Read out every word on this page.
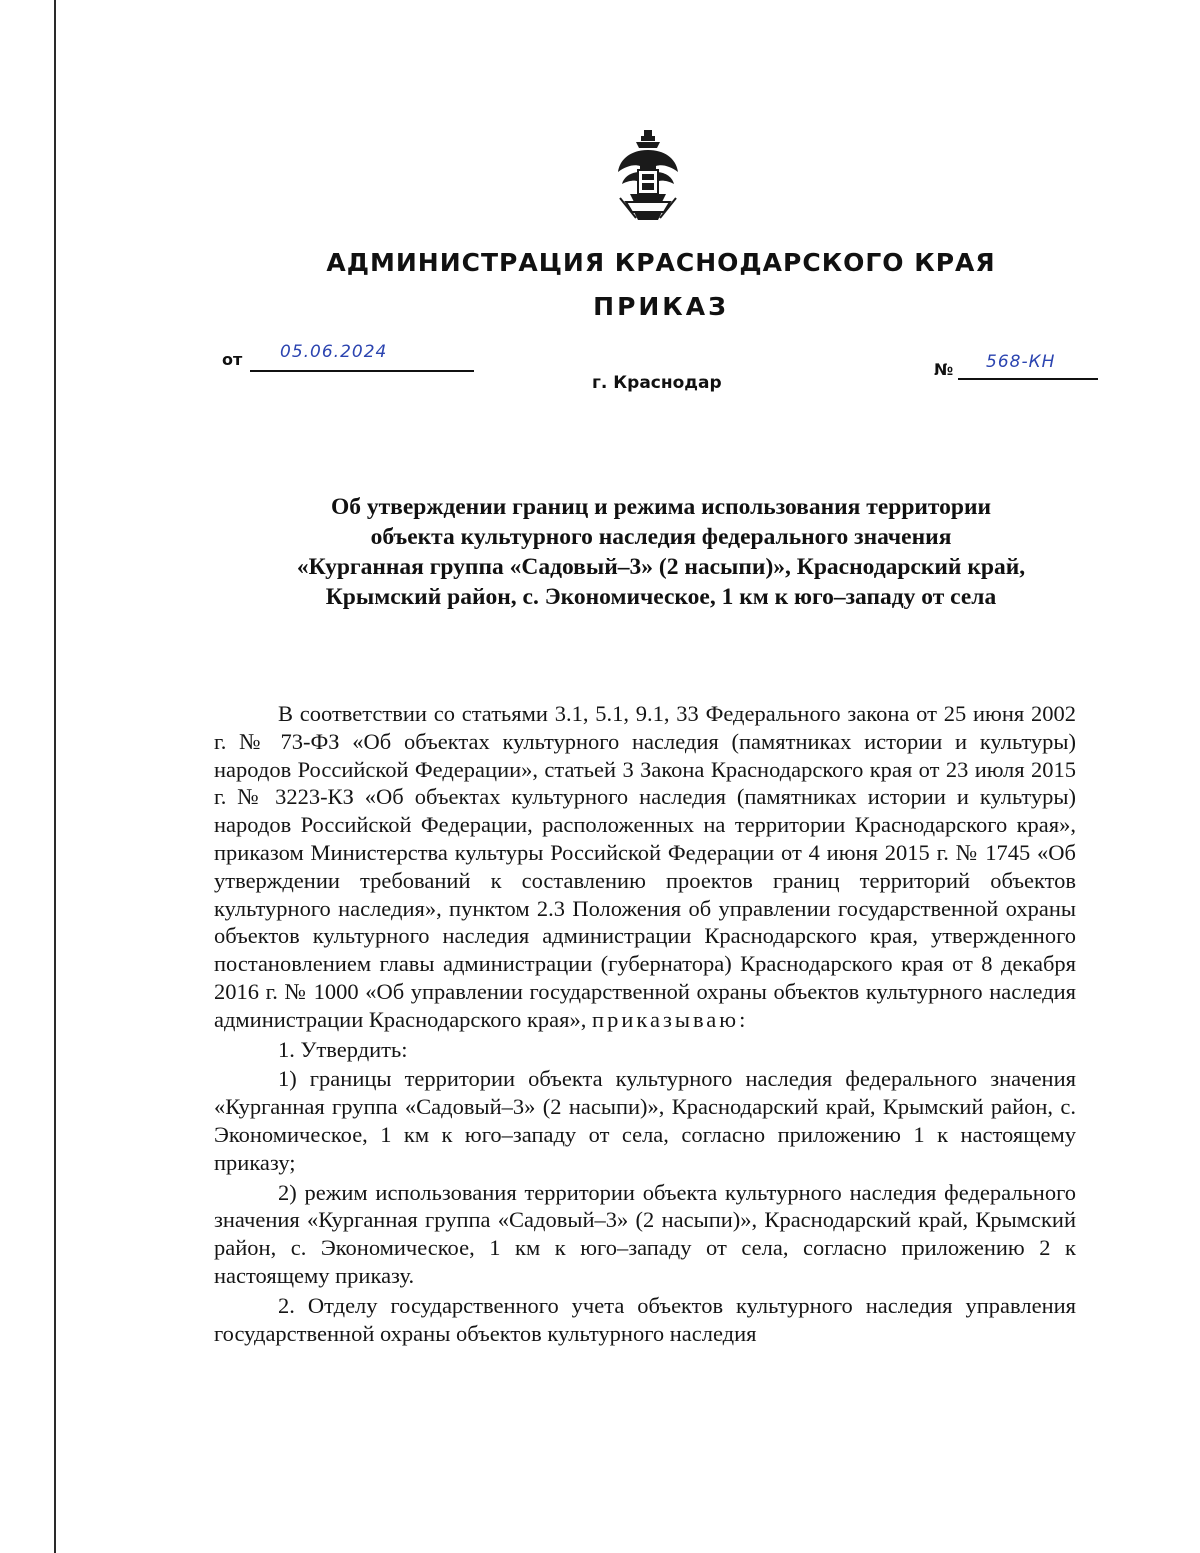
АДМИНИСТРАЦИЯ КРАСНОДАРСКОГО КРАЯ
ПРИКАЗ
от	05.06.2024
№	568-КН
г. Краснодар
Об утверждении границ и режима использования территории
объекта культурного наследия федерального значения
«Курганная группа «Садовый–3» (2 насыпи)», Краснодарский край,
Крымский район, с. Экономическое, 1 км к юго–западу от села

В соответствии со статьями 3.1, 5.1, 9.1, 33 Федерального закона от 25 июня 2002 г. № 73-ФЗ «Об объектах культурного наследия (памятниках истории и культуры) народов Российской Федерации», статьей 3 Закона Краснодарского края от 23 июля 2015 г. № 3223-КЗ «Об объектах культурного наследия (памятниках истории и культуры) народов Российской Федерации, расположенных на территории Краснодарского края», приказом Министерства культуры Российской Федерации от 4 июня 2015 г. № 1745 «Об утверждении требований к составлению проектов границ территорий объектов культурного наследия», пунктом 2.3 Положения об управлении государственной охраны объектов культурного наследия администрации Краснодарского края, утвержденного постановлением главы администрации (губернатора) Краснодарского края от 8 декабря 2016 г. № 1000 «Об управлении государственной охраны объектов культурного наследия администрации Краснодарского края», приказываю:

1. Утвердить:

1) границы территории объекта культурного наследия федерального значения «Курганная группа «Садовый–3» (2 насыпи)», Краснодарский край, Крымский район, с. Экономическое, 1 км к юго–западу от села, согласно приложению 1 к настоящему приказу;

2) режим использования территории объекта культурного наследия федерального значения «Курганная группа «Садовый–3» (2 насыпи)», Краснодарский край, Крымский район, с. Экономическое, 1 км к юго–западу от села, согласно приложению 2 к настоящему приказу.

2. Отделу государственного учета объектов культурного наследия управления государственной охраны объектов культурного наследия
